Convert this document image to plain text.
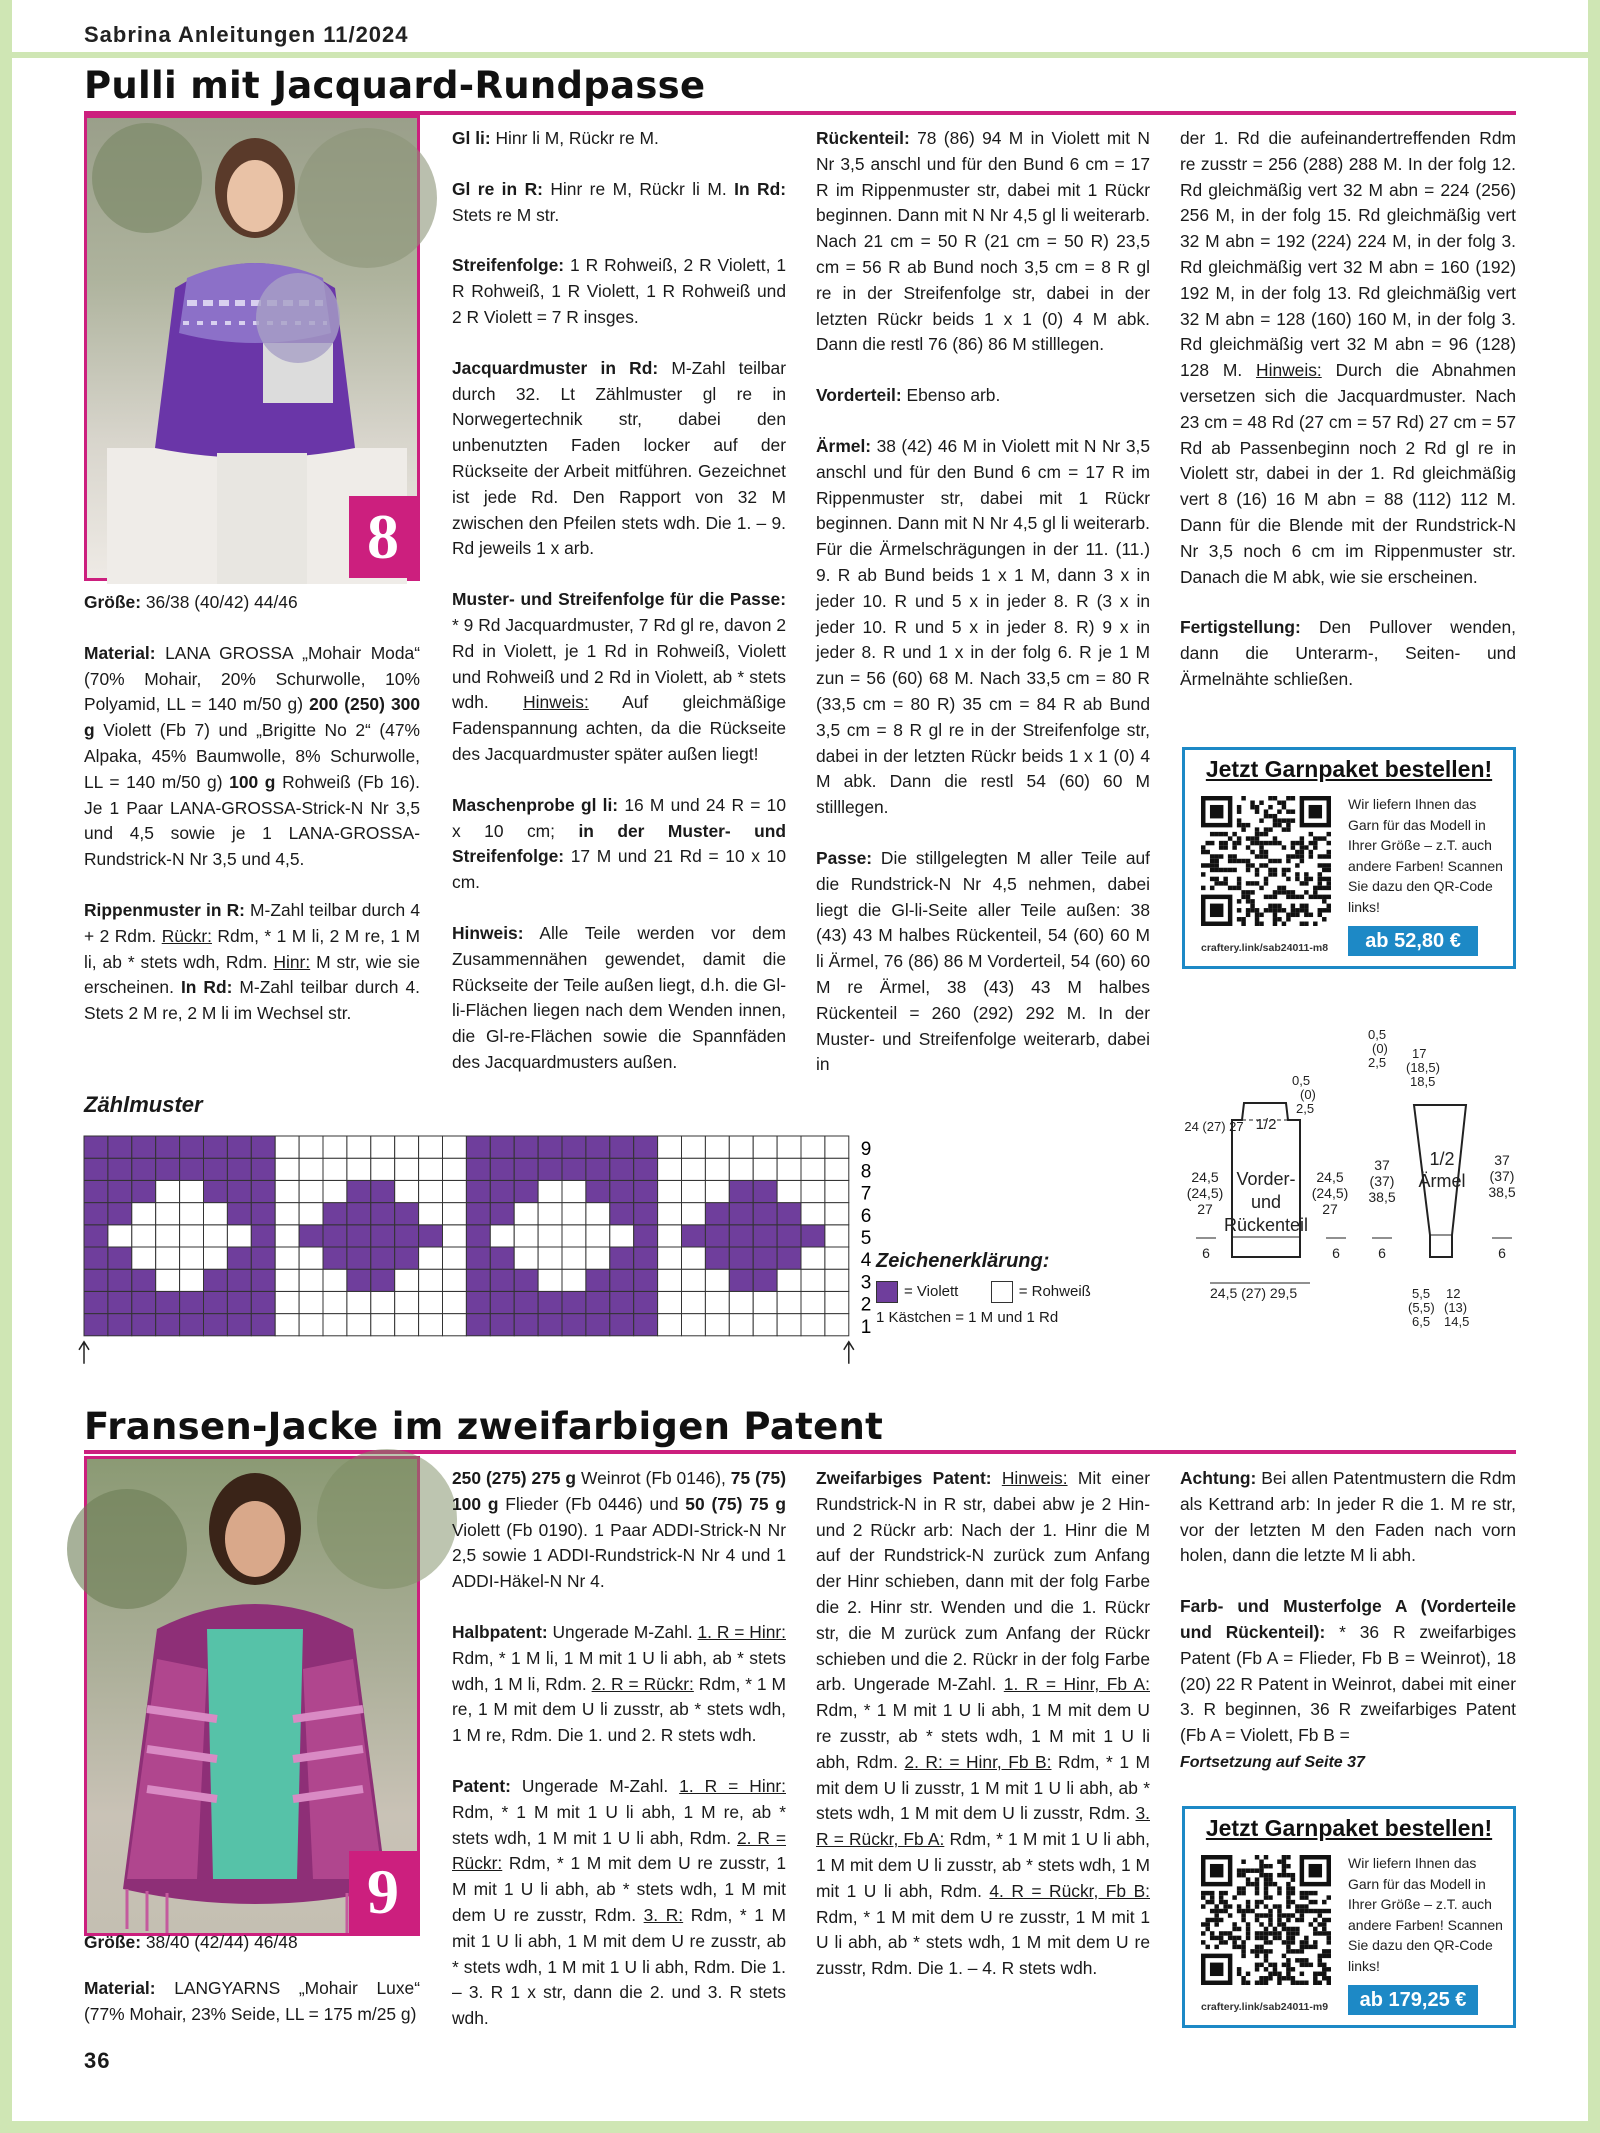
Sabrina Anleitungen 11/2024
Pulli mit Jacquard-Rundpasse
8

Größe: 36/38 (40/42) 44/46

Material: LANA GROSSA „Mohair Moda“ (70% Mohair, 20% Schurwolle, 10% Polyamid, LL = 140 m/50 g) 200 (250) 300 g Violett (Fb 7) und „Brigitte No 2“ (47% Alpaka, 45% Baumwolle, 8% Schurwolle, LL = 140 m/50 g) 100 g Rohweiß (Fb 16). Je 1 Paar LANA-GROSSA-Strick-N Nr 3,5 und 4,5 sowie je 1 LANA-GROSSA-Rundstrick-N Nr 3,5 und 4,5.

Rippenmuster in R: M-Zahl teilbar durch 4 + 2 Rdm. Rückr: Rdm, * 1 M li, 2 M re, 1 M li, ab * stets wdh, Rdm. Hinr: M str, wie sie erscheinen. In Rd: M-Zahl teilbar durch 4. Stets 2 M re, 2 M li im Wechsel str.

Gl li: Hinr li M, Rückr re M.

Gl re in R: Hinr re M, Rückr li M. In Rd: Stets re M str.

Streifenfolge: 1 R Rohweiß, 2 R Violett, 1 R Rohweiß, 1 R Violett, 1 R Rohweiß und 2 R Violett = 7 R insges.

Jacquardmuster in Rd: M-Zahl teilbar durch 32. Lt Zählmuster gl re in Norwegertechnik str, dabei den unbenutzten Faden locker auf der Rückseite der Arbeit mitführen. Gezeichnet ist jede Rd. Den Rapport von 32 M zwischen den Pfeilen stets wdh. Die 1. – 9. Rd jeweils 1 x arb.

Muster- und Streifenfolge für die Passe: * 9 Rd Jacquardmuster, 7 Rd gl re, davon 2 Rd in Violett, je 1 Rd in Rohweiß, Violett und Rohweiß und 2 Rd in Violett, ab * stets wdh. Hinweis: Auf gleichmäßige Fadenspannung achten, da die Rückseite des Jacquardmuster später außen liegt!

Maschenprobe gl li: 16 M und 24 R = 10 x 10 cm; in der Muster- und Streifenfolge: 17 M und 21 Rd = 10 x 10 cm.

Hinweis: Alle Teile werden vor dem Zusammennähen gewendet, damit die Rückseite der Teile außen liegt, d.h. die Gl-li-Flächen liegen nach dem Wenden innen, die Gl-re-Flächen sowie die Spannfäden des Jacquardmusters außen.

Rückenteil: 78 (86) 94 M in Violett mit N Nr 3,5 anschl und für den Bund 6 cm = 17 R im Rippenmuster str, dabei mit 1 Rückr beginnen. Dann mit N Nr 4,5 gl li weiterarb. Nach 21 cm = 50 R (21 cm = 50 R) 23,5 cm = 56 R ab Bund noch 3,5 cm = 8 R gl re in der Streifenfolge str, dabei in der letzten Rückr beids 1 x 1 (0) 4 M abk. Dann die restl 76 (86) 86 M stilllegen.

Vorderteil: Ebenso arb.

Ärmel: 38 (42) 46 M in Violett mit N Nr 3,5 anschl und für den Bund 6 cm = 17 R im Rippenmuster str, dabei mit 1 Rückr beginnen. Dann mit N Nr 4,5 gl li weiterarb. Für die Ärmelschrägungen in der 11. (11.) 9. R ab Bund beids 1 x 1 M, dann 3 x in jeder 10. R und 5 x in jeder 8. R (3 x in jeder 10. R und 5 x in jeder 8. R) 9 x in jeder 8. R und 1 x in der folg 6. R je 1 M zun = 56 (60) 68 M. Nach 33,5 cm = 80 R (33,5 cm = 80 R) 35 cm = 84 R ab Bund 3,5 cm = 8 R gl re in der Streifenfolge str, dabei in der letzten Rückr beids 1 x 1 (0) 4 M abk. Dann die restl 54 (60) 60 M stilllegen.

Passe: Die stillgelegten M aller Teile auf die Rundstrick-N Nr 4,5 nehmen, dabei liegt die Gl-li-Seite aller Teile außen: 38 (43) 43 M halbes Rückenteil, 54 (60) 60 M li Ärmel, 76 (86) 86 M Vorderteil, 54 (60) 60 M re Ärmel, 38 (43) 43 M halbes Rückenteil = 260 (292) 292 M. In der Muster- und Streifenfolge weiterarb, dabei in

der 1. Rd die aufeinandertreffenden Rdm re zusstr = 256 (288) 288 M. In der folg 12. Rd gleichmäßig vert 32 M abn = 224 (256) 256 M, in der folg 15. Rd gleichmäßig vert 32 M abn = 192 (224) 224 M, in der folg 3. Rd gleichmäßig vert 32 M abn = 160 (192) 192 M, in der folg 13. Rd gleichmäßig vert 32 M abn = 128 (160) 160 M, in der folg 3. Rd gleichmäßig vert 32 M abn = 96 (128) 128 M. Hinweis: Durch die Abnahmen versetzen sich die Jacquardmuster. Nach 23 cm = 48 Rd (27 cm = 57 Rd) 27 cm = 57 Rd ab Passenbeginn noch 2 Rd gl re in Violett str, dabei in der 1. Rd gleichmäßig vert 8 (16) 16 M abn = 88 (112) 112 M. Dann für die Blende mit der Rundstrick-N Nr 3,5 noch 6 cm im Rippenmuster str. Danach die M abk, wie sie erscheinen.

Fertigstellung: Den Pullover wenden, dann die Unterarm-, Seiten- und Ärmelnähte schließen.

Jetzt Garnpaket bestellen!
Wir liefern Ihnen das Garn für das Modell in Ihrer Größe – z.T. auch andere Farben! Scannen Sie dazu den QR-Code links!
craftery.link/sab24011-m8	ab 52,80 €
Zählmuster
9
8
7
6
5
4
3
2
1
Zeichenerklärung:
= Violett	= Rohweiß
1 Kästchen = 1 M und 1 Rd
1/2
Vorder-
und
Rückenteil
24 (27) 27
0,5
(0)
2,5
24,5
(24,5)
27
24,5
(24,5)
27
6	6
24,5 (27) 29,5
1/2
Ärmel
0,5
(0)
2,5
17
(18,5)
18,5
37
(37)
38,5
37
(37)
38,5
6	6
5,5
(5,5)
6,5
12
(13)
14,5
Fransen-Jacke im zweifarbigen Patent
9

Größe: 38/40 (42/44) 46/48

Material: LANGYARNS „Mohair Luxe“ (77% Mohair, 23% Seide, LL = 175 m/25 g)

250 (275) 275 g Weinrot (Fb 0146), 75 (75) 100 g Flieder (Fb 0446) und 50 (75) 75 g Violett (Fb 0190). 1 Paar ADDI-Strick-N Nr 2,5 sowie 1 ADDI-Rundstrick-N Nr 4 und 1 ADDI-Häkel-N Nr 4.

Halbpatent: Ungerade M-Zahl. 1. R = Hinr: Rdm, * 1 M li, 1 M mit 1 U li abh, ab * stets wdh, 1 M li, Rdm. 2. R = Rückr: Rdm, * 1 M re, 1 M mit dem U li zusstr, ab * stets wdh, 1 M re, Rdm. Die 1. und 2. R stets wdh.

Patent: Ungerade M-Zahl. 1. R = Hinr: Rdm, * 1 M mit 1 U li abh, 1 M re, ab * stets wdh, 1 M mit 1 U li abh, Rdm. 2. R = Rückr: Rdm, * 1 M mit dem U re zusstr, 1 M mit 1 U li abh, ab * stets wdh, 1 M mit dem U re zusstr, Rdm. 3. R: Rdm, * 1 M mit 1 U li abh, 1 M mit dem U re zusstr, ab * stets wdh, 1 M mit 1 U li abh, Rdm. Die 1. – 3. R 1 x str, dann die 2. und 3. R stets wdh.

Zweifarbiges Patent: Hinweis: Mit einer Rundstrick-N in R str, dabei abw je 2 Hin- und 2 Rückr arb: Nach der 1. Hinr die M auf der Rundstrick-N zurück zum Anfang der Hinr schieben, dann mit der folg Farbe die 2. Hinr str. Wenden und die 1. Rückr str, die M zurück zum Anfang der Rückr schieben und die 2. Rückr in der folg Farbe arb. Ungerade M-Zahl. 1. R = Hinr, Fb A: Rdm, * 1 M mit 1 U li abh, 1 M mit dem U re zusstr, ab * stets wdh, 1 M mit 1 U li abh, Rdm. 2. R: = Hinr, Fb B: Rdm, * 1 M mit dem U li zusstr, 1 M mit 1 U li abh, ab * stets wdh, 1 M mit dem U li zusstr, Rdm. 3. R = Rückr, Fb A: Rdm, * 1 M mit 1 U li abh, 1 M mit dem U li zusstr, ab * stets wdh, 1 M mit 1 U li abh, Rdm. 4. R = Rückr, Fb B: Rdm, * 1 M mit dem U re zusstr, 1 M mit 1 U li abh, ab * stets wdh, 1 M mit dem U re zusstr, Rdm. Die 1. – 4. R stets wdh.

Achtung: Bei allen Patentmustern die Rdm als Kettrand arb: In jeder R die 1. M re str, vor der letzten M den Faden nach vorn holen, dann die letzte M li abh.

Farb- und Musterfolge A (Vorderteile und Rückenteil): * 36 R zweifarbiges Patent (Fb A = Flieder, Fb B = Weinrot), 18 (20) 22 R Patent in Weinrot, dabei mit einer 3. R beginnen, 36 R zweifarbiges Patent (Fb A = Violett, Fb B =

Fortsetzung auf Seite 37

Jetzt Garnpaket bestellen!
Wir liefern Ihnen das Garn für das Modell in Ihrer Größe – z.T. auch andere Farben! Scannen Sie dazu den QR-Code links!
craftery.link/sab24011-m9	ab 179,25 €
36
